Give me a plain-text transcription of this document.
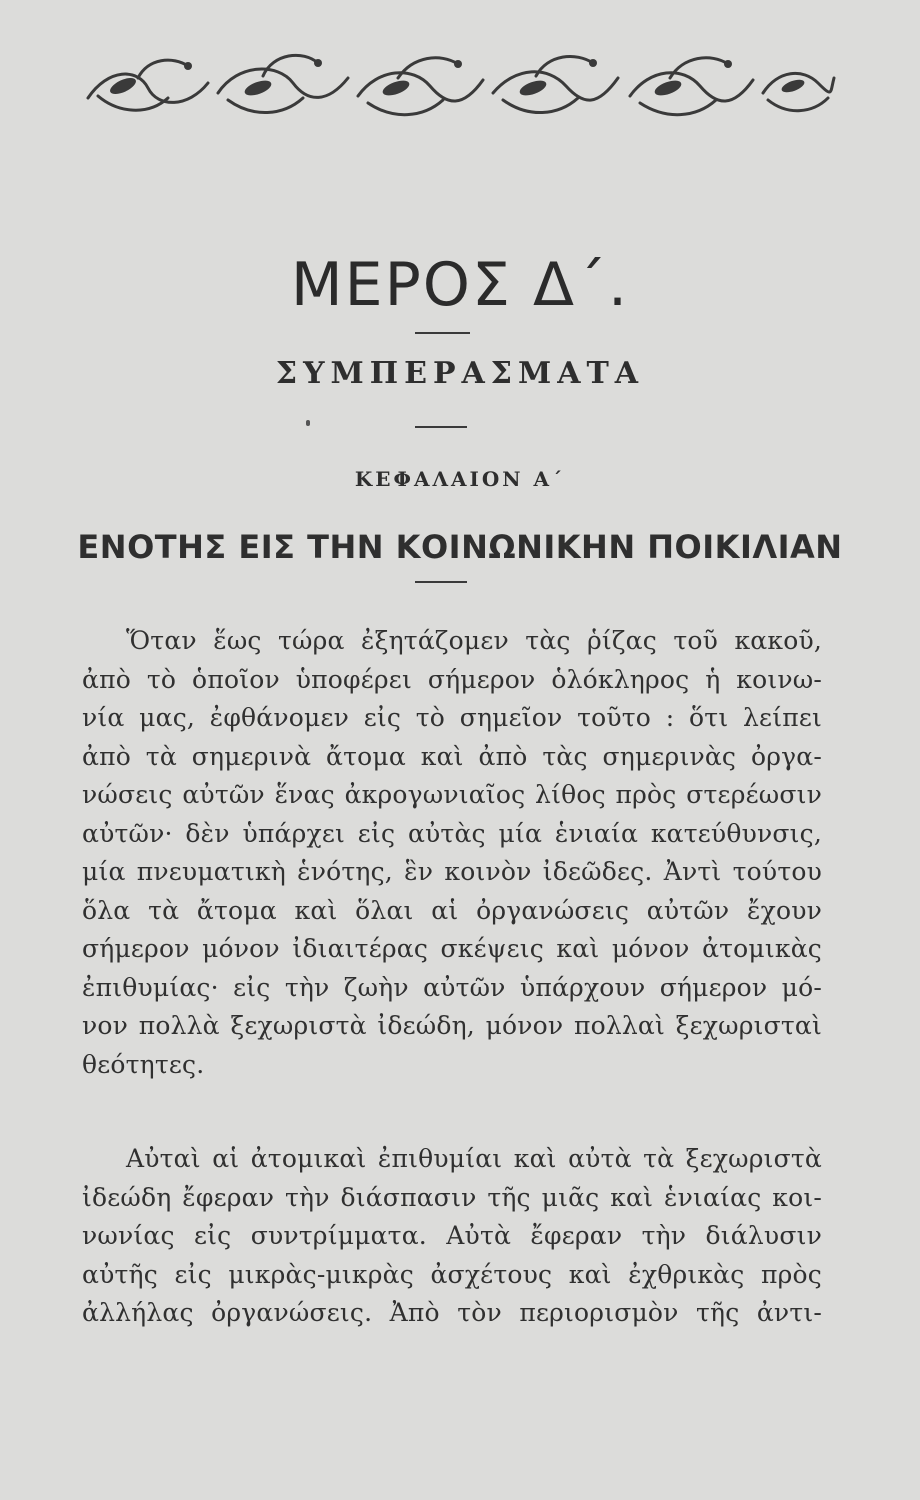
ΜΕΡΟΣ Δ΄.
ΣΥΜΠΕΡΑΣΜΑΤΑ
ΚΕΦΑΛΑΙΟΝ Α΄
ΕΝΟΤΗΣ ΕΙΣ ΤΗΝ ΚΟΙΝΩΝΙΚΗΝ ΠΟΙΚΙΛΙΑΝ
Ὅταν ἕως τώρα ἐξητάζομεν τὰς ῥίζας τοῦ κακοῦ,
ἀπὸ τὸ ὁποῖον ὑποφέρει σήμερον ὁλόκληρος ἡ κοινω-
νία μας, ἐφθάνομεν εἰς τὸ σημεῖον τοῦτο : ὅτι λείπει
ἀπὸ τὰ σημερινὰ ἄτομα καὶ ἀπὸ τὰς σημερινὰς ὀργα-
νώσεις αὐτῶν ἕνας ἀκρογωνιαῖος λίθος πρὸς στερέωσιν
αὐτῶν· δὲν ὑπάρχει εἰς αὐτὰς μία ἑνιαία κατεύθυνσις,
μία πνευματικὴ ἑνότης, ἓν κοινὸν ἰδεῶδες. Ἀντὶ τούτου
ὅλα τὰ ἄτομα καὶ ὅλαι αἱ ὀργανώσεις αὐτῶν ἔχουν
σήμερον μόνον ἰδιαιτέρας σκέψεις καὶ μόνον ἀτομικὰς
ἐπιθυμίας· εἰς τὴν ζωὴν αὐτῶν ὑπάρχουν σήμερον μό-
νον πολλὰ ξεχωριστὰ ἰδεώδη, μόνον πολλαὶ ξεχωρισταὶ
θεότητες.
Αὐταὶ αἱ ἀτομικαὶ ἐπιθυμίαι καὶ αὐτὰ τὰ ξεχωριστὰ
ἰδεώδη ἔφεραν τὴν διάσπασιν τῆς μιᾶς καὶ ἑνιαίας κοι-
νωνίας εἰς συντρίμματα. Αὐτὰ ἔφεραν τὴν διάλυσιν
αὐτῆς εἰς μικρὰς-μικρὰς ἀσχέτους καὶ ἐχθρικὰς πρὸς
ἀλλήλας ὀργανώσεις. Ἀπὸ τὸν περιορισμὸν τῆς ἀντι-
